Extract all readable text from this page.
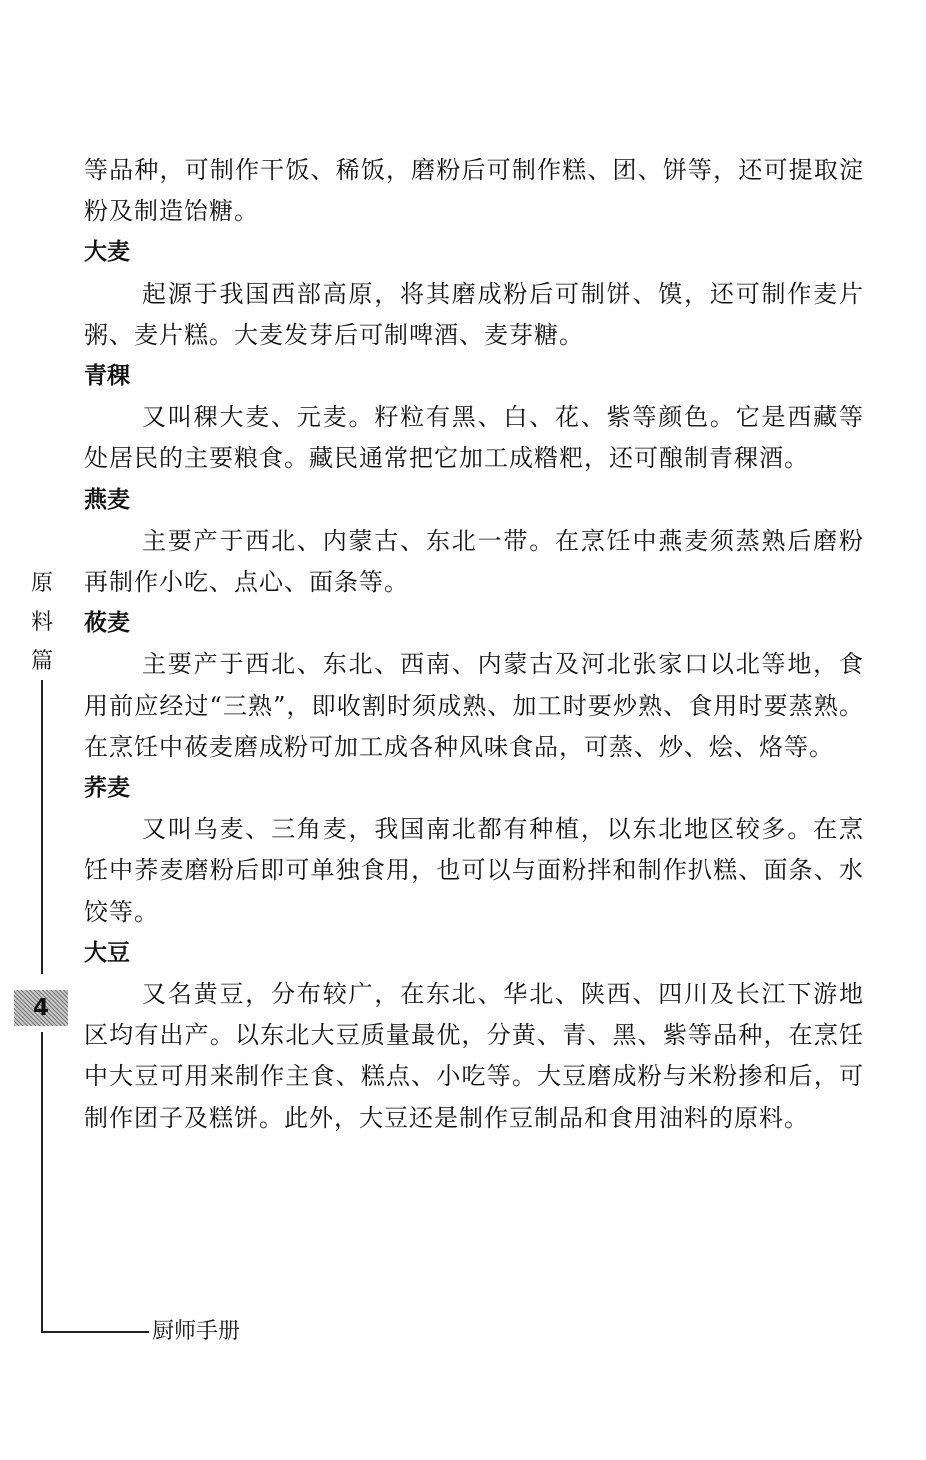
等品种，可制作干饭、稀饭，磨粉后可制作糕、团、饼等，还可提取淀粉及制造饴糖。

大麦

起源于我国西部高原，将其磨成粉后可制饼、馍，还可制作麦片粥、麦片糕。大麦发芽后可制啤酒、麦芽糖。

青稞

又叫稞大麦、元麦。籽粒有黑、白、花、紫等颜色。它是西藏等处居民的主要粮食。藏民通常把它加工成糌粑，还可酿制青稞酒。

燕麦

主要产于西北、内蒙古、东北一带。在烹饪中燕麦须蒸熟后磨粉再制作小吃、点心、面条等。

莜麦

主要产于西北、东北、西南、内蒙古及河北张家口以北等地，食用前应经过“三熟”，即收割时须成熟、加工时要炒熟、食用时要蒸熟。在烹饪中莜麦磨成粉可加工成各种风味食品，可蒸、炒、烩、烙等。

荞麦

又叫乌麦、三角麦，我国南北都有种植，以东北地区较多。在烹饪中荞麦磨粉后即可单独食用，也可以与面粉拌和制作扒糕、面条、水饺等。

大豆

又名黄豆，分布较广，在东北、华北、陕西、四川及长江下游地区均有出产。以东北大豆质量最优，分黄、青、黑、紫等品种，在烹饪中大豆可用来制作主食、糕点、小吃等。大豆磨成粉与米粉掺和后，可制作团子及糕饼。此外，大豆还是制作豆制品和食用油料的原料。

原
料
篇
4
厨师手册
